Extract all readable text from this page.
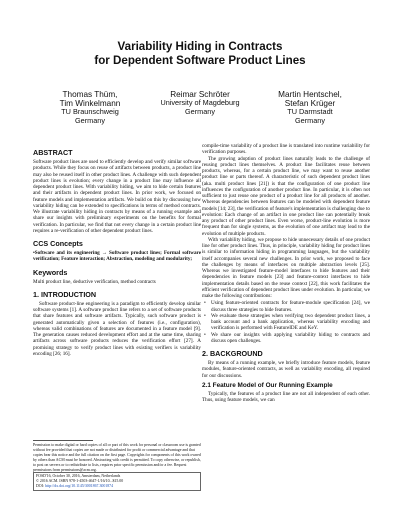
Variability Hiding in Contracts
for Dependent Software Product Lines
Thomas Thüm,
Tim Winkelmann
TU Braunschweig
Germany
Reimar Schröter
University of Magdeburg
Germany
Martin Hentschel,
Stefan Krüger
TU Darmstadt
Germany
ABSTRACT

Software product lines are used to efficiently develop and verify similar software products. While they focus on reuse of artifacts between products, a product line may also be reused itself in other product lines. A challenge with such dependent product lines is evolution; every change in a product line may influence all dependent product lines. With variability hiding, we aim to hide certain features and their artifacts in dependent product lines. In prior work, we focused on feature models and implementation artifacts. We build on this by discussing how variability hiding can be extended to specifications in terms of method contracts. We illustrate variability hiding in contracts by means of a running example and share our insights with preliminary experiments on the benefits for formal verification. In particular, we find that not every change in a certain product line requires a re-verification of other dependent product lines.

CCS Concepts

•Software and its engineering → Software product lines; Formal software verification; Feature interaction; Abstraction, modeling and modularity;

Keywords

Multi product line, deductive verification, method contracts

1. INTRODUCTION

Software product-line engineering is a paradigm to efficiently develop similar software systems [1]. A software product line refers to a set of software products that share features and software artifacts. Typically, such software product is generated automatically given a selection of features (i.e., configuration), whereas valid combinations of features are documented in a feature model [9]. The generation causes reduced development effort and at the same time, sharing artifacts across software products reduces the verification effort [27]. A promising strategy to verify product lines with existing verifiers is variability encoding [26; 16].

Permission to make digital or hard copies of all or part of this work for personal or classroom use is granted without fee provided that copies are not made or distributed for profit or commercial advantage and that copies bear this notice and the full citation on the first page. Copyrights for components of this work owned by others than ACM must be honored. Abstracting with credit is permitted. To copy otherwise, or republish, to post on servers or to redistribute to lists, requires prior specific permission and/or a fee. Request permissions from permissions@acm.org.
FOSD'16, October 30, 2016, Amsterdam, Netherlands
© 2016 ACM. ISBN 978-1-4503-4647-1/16/10...$15.00
DOI: http://dx.doi.org/10.1145/3001867.3001874

compile-time variability of a product line is translated into runtime variability for verification purposes.

The growing adoption of product lines naturally leads to the challenge of reusing product lines themselves. A product line facilitates reuse between products, whereas, for a certain product line, we may want to reuse another product line or parts thereof. A characteristic of such dependent product lines (aka. multi product lines [21]) is that the configuration of one product line influences the configuration of another product line. In particular, it is often not sufficient to just reuse one product of a product line for all products of another. Whereas dependencies between features can be modeled with dependent feature models [14; 23], the verification of feature's implementation is challenging due to evolution: Each change of an artifact in one product line can potentially break any product of other product lines. Even worse, product-line evolution is more frequent than for single systems, as the evolution of one artifact may lead to the evolution of multiple products.

With variability hiding, we propose to hide unnecessary details of one product line for other product lines. Thus, in principle, variability hiding for product lines is similar to information hiding in programming languages, but the variability itself accompanies several new challenges. In prior work, we proposed to face the challenges by means of interfaces on multiple abstraction levels [25]. Whereas we investigated feature-model interfaces to hide features and their dependencies in feature models [23] and feature-context interfaces to hide implementation details based on the reuse context [22], this work facilitates the efficient verification of dependent product lines under evolution. In particular, we make the following contributions:

• Using feature-oriented contracts for feature-module specification [24], we discuss three strategies to hide features.
• We evaluate these strategies when verifying two dependent product lines, a bank account and a bank application, whereas variability encoding and verification is performed with FeatureIDE and KeY.
• We share our insights with applying variability hiding to contracts and discuss open challenges.
2. BACKGROUND

By means of a running example, we briefly introduce feature models, feature modules, feature-oriented contracts, as well as variability encoding, all required for our discussions.

2.1 Feature Model of Our Running Example

Typically, the features of a product line are not all independent of each other. Thus, using feature models, we can
